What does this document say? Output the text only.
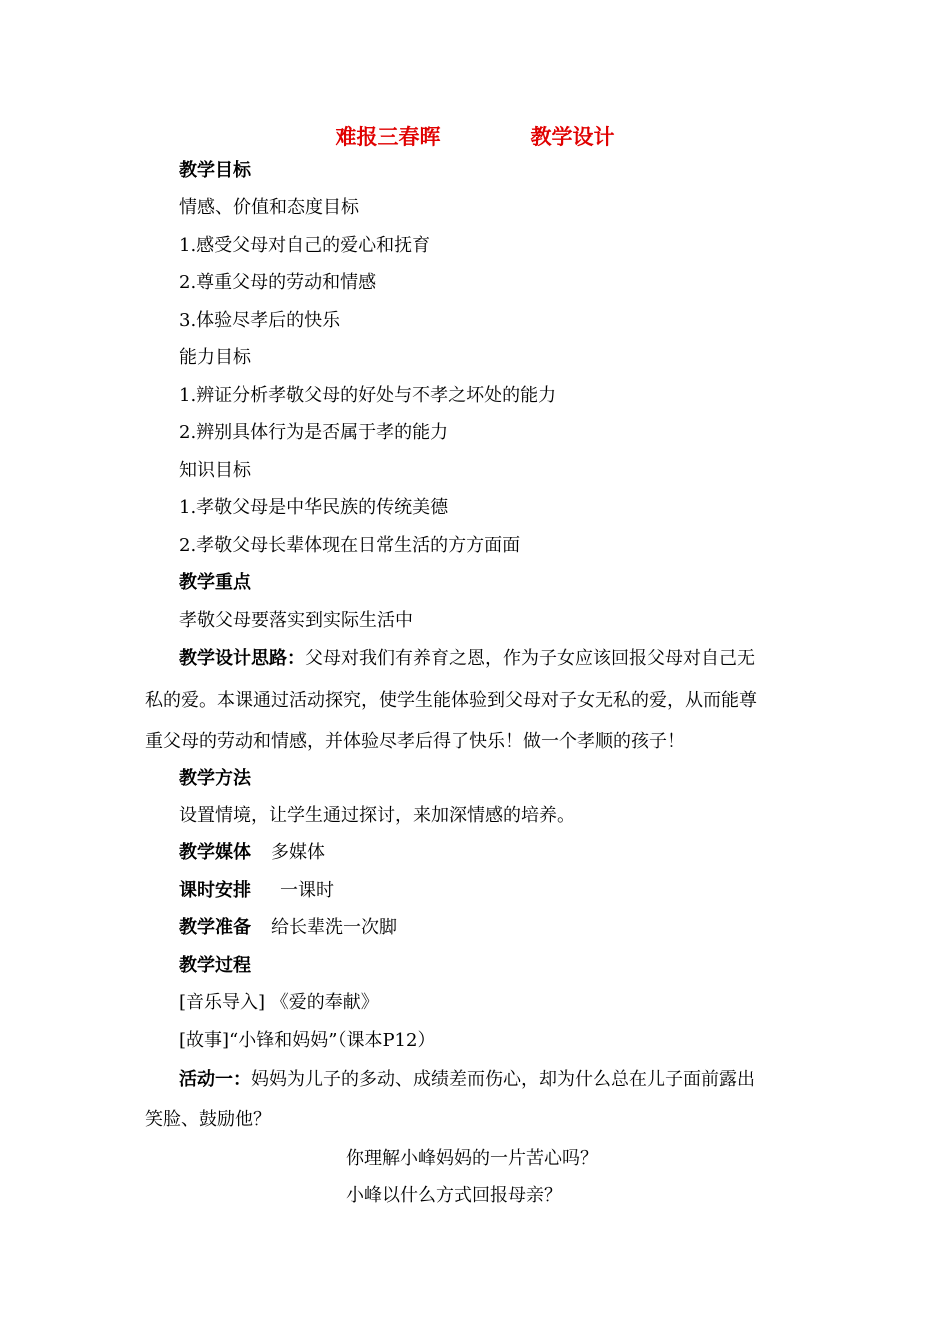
难报三春晖	教学设计
教学目标
情感、价值和态度目标
1.感受父母对自己的爱心和抚育
2.尊重父母的劳动和情感
3.体验尽孝后的快乐
能力目标
1.辨证分析孝敬父母的好处与不孝之坏处的能力
2.辨别具体行为是否属于孝的能力
知识目标
1.孝敬父母是中华民族的传统美德
2.孝敬父母长辈体现在日常生活的方方面面
教学重点
孝敬父母要落实到实际生活中
教学设计思路：父母对我们有养育之恩，作为子女应该回报父母对自己无
私的爱。本课通过活动探究，使学生能体验到父母对子女无私的爱，从而能尊
重父母的劳动和情感，并体验尽孝后得了快乐！做一个孝顺的孩子！
教学方法
设置情境，让学生通过探讨，来加深情感的培养。
教学媒体 多媒体
课时安排 一课时
教学准备 给长辈洗一次脚
教学过程
[音乐导入] 《爱的奉献》
[故事]“小锋和妈妈”（课本P12）
活动一：妈妈为儿子的多动、成绩差而伤心，却为什么总在儿子面前露出
笑脸、鼓励他？
你理解小峰妈妈的一片苦心吗？
小峰以什么方式回报母亲？
